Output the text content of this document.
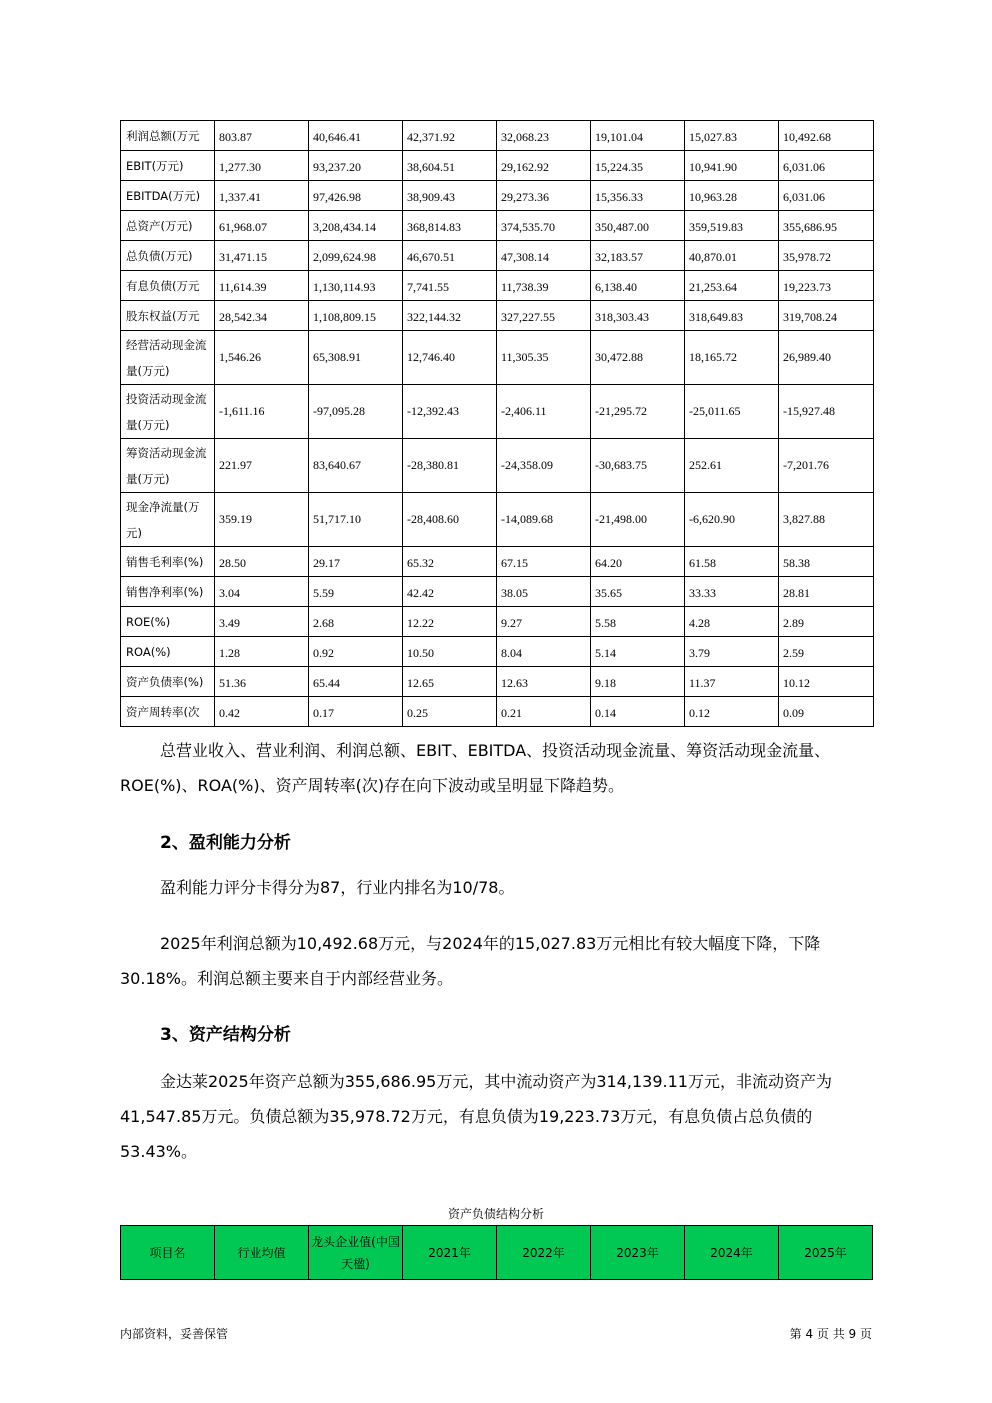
利润总额(万元	803.87	40,646.41	42,371.92	32,068.23	19,101.04	15,027.83	10,492.68
EBIT(万元)	1,277.30	93,237.20	38,604.51	29,162.92	15,224.35	10,941.90	6,031.06
EBITDA(万元)	1,337.41	97,426.98	38,909.43	29,273.36	15,356.33	10,963.28	6,031.06
总资产(万元)	61,968.07	3,208,434.14	368,814.83	374,535.70	350,487.00	359,519.83	355,686.95
总负债(万元)	31,471.15	2,099,624.98	46,670.51	47,308.14	32,183.57	40,870.01	35,978.72
有息负债(万元	11,614.39	1,130,114.93	7,741.55	11,738.39	6,138.40	21,253.64	19,223.73
股东权益(万元	28,542.34	1,108,809.15	322,144.32	327,227.55	318,303.43	318,649.83	319,708.24
经营活动现金流量(万元)	1,546.26	65,308.91	12,746.40	11,305.35	30,472.88	18,165.72	26,989.40
投资活动现金流量(万元)	-1,611.16	-97,095.28	-12,392.43	-2,406.11	-21,295.72	-25,011.65	-15,927.48
筹资活动现金流量(万元)	221.97	83,640.67	-28,380.81	-24,358.09	-30,683.75	252.61	-7,201.76
现金净流量(万元)	359.19	51,717.10	-28,408.60	-14,089.68	-21,498.00	-6,620.90	3,827.88
销售毛利率(%)	28.50	29.17	65.32	67.15	64.20	61.58	58.38
销售净利率(%)	3.04	5.59	42.42	38.05	35.65	33.33	28.81
ROE(%)	3.49	2.68	12.22	9.27	5.58	4.28	2.89
ROA(%)	1.28	0.92	10.50	8.04	5.14	3.79	2.59
资产负债率(%)	51.36	65.44	12.65	12.63	9.18	11.37	10.12
资产周转率(次	0.42	0.17	0.25	0.21	0.14	0.12	0.09

总营业收入、营业利润、利润总额、EBIT、EBITDA、投资活动现金流量、筹资活动现金流量、ROE(%)、ROA(%)、资产周转率(次)存在向下波动或呈明显下降趋势。

2、盈利能力分析

盈利能力评分卡得分为87，行业内排名为10/78。

2025年利润总额为10,492.68万元，与2024年的15,027.83万元相比有较大幅度下降，下降30.18%。利润总额主要来自于内部经营业务。

3、资产结构分析

金达莱2025年资产总额为355,686.95万元，其中流动资产为314,139.11万元，非流动资产为41,547.85万元。负债总额为35,978.72万元，有息负债为19,223.73万元，有息负债占总负债的53.43%。

资产负债结构分析
项目名	行业均值	龙头企业值(中国天楹)	2021年	2022年	2023年	2024年	2025年
内部资料，妥善保管	第 4 页 共 9 页
